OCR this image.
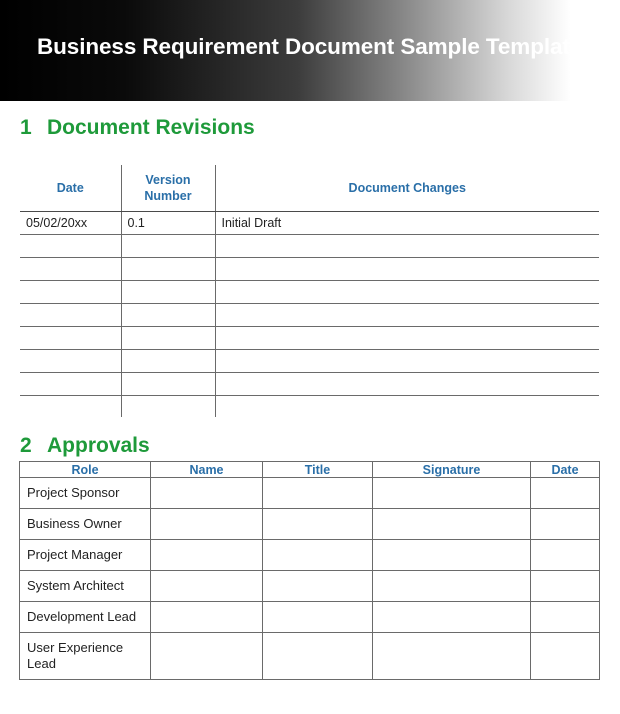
Business Requirement Document Sample Template
1 Document Revisions
Date	Version Number	Document Changes
05/02/20xx	0.1	Initial Draft

2 Approvals
Role	Name	Title	Signature	Date
Project Sponsor				
Business Owner				
Project Manager				
System Architect				
Development Lead				
User Experience Lead				
